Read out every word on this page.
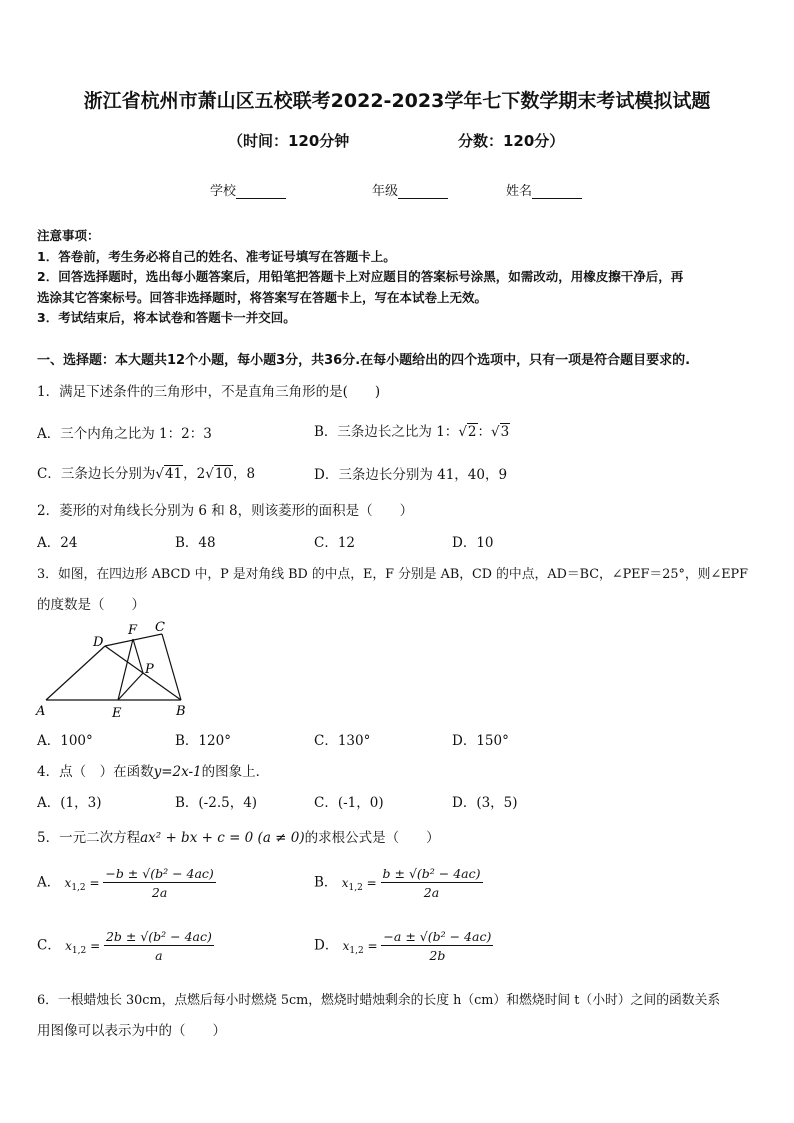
浙江省杭州市萧山区五校联考2022-2023学年七下数学期末考试模拟试题
（时间：120分钟	分数：120分）
学校	年级	姓名
注意事项：
1．答卷前，考生务必将自己的姓名、准考证号填写在答题卡上。
2．回答选择题时，选出每小题答案后，用铅笔把答题卡上对应题目的答案标号涂黑，如需改动，用橡皮擦干净后，再
选涂其它答案标号。回答非选择题时，将答案写在答题卡上，写在本试卷上无效。
3．考试结束后，将本试卷和答题卡一并交回。
一、选择题：本大题共12个小题，每小题3分，共36分.在每小题给出的四个选项中，只有一项是符合题目要求的.
1．满足下述条件的三角形中，不是直角三角形的是(　　)
A．三个内角之比为 1：2：3	B．三条边长之比为 1：√2：√3
C．三条边长分别为√41，2√10，8	D．三条边长分别为 41，40，9
2．菱形的对角线长分别为 6 和 8，则该菱形的面积是（　　）
A．24	B．48	C．12	D．10
3．如图，在四边形 ABCD 中，P 是对角线 BD 的中点，E，F 分别是 AB，CD 的中点，AD＝BC，∠PEF＝25°，则∠EPF
的度数是（　　）
A	B
C
D
E
F
P
A．100°	B．120°	C．130°	D．150°
4．点（　）在函数y=2x-1的图象上．
A．(1，3)	B．(-2.5，4)	C．(-1，0)	D．(3，5)
5．一元二次方程ax² + bx + c = 0 (a ≠ 0)的求根公式是（　　）
A． $x_{1,2} = \frac{\text{−b ± √(b² − 4ac)}}{2a}$	B． $x_{1,2} = \frac{\text{b ± √(b² − 4ac)}}{2a}$
C． $x_{1,2} = \frac{\text{2b ± √(b² − 4ac)}}{a}$	D． $x_{1,2} = \frac{\text{−a ± √(b² − 4ac)}}{2b}$
6．一根蜡烛长 30cm，点燃后每小时燃烧 5cm，燃烧时蜡烛剩余的长度 h（cm）和燃烧时间 t（小时）之间的函数关系
用图像可以表示为中的（　　）
